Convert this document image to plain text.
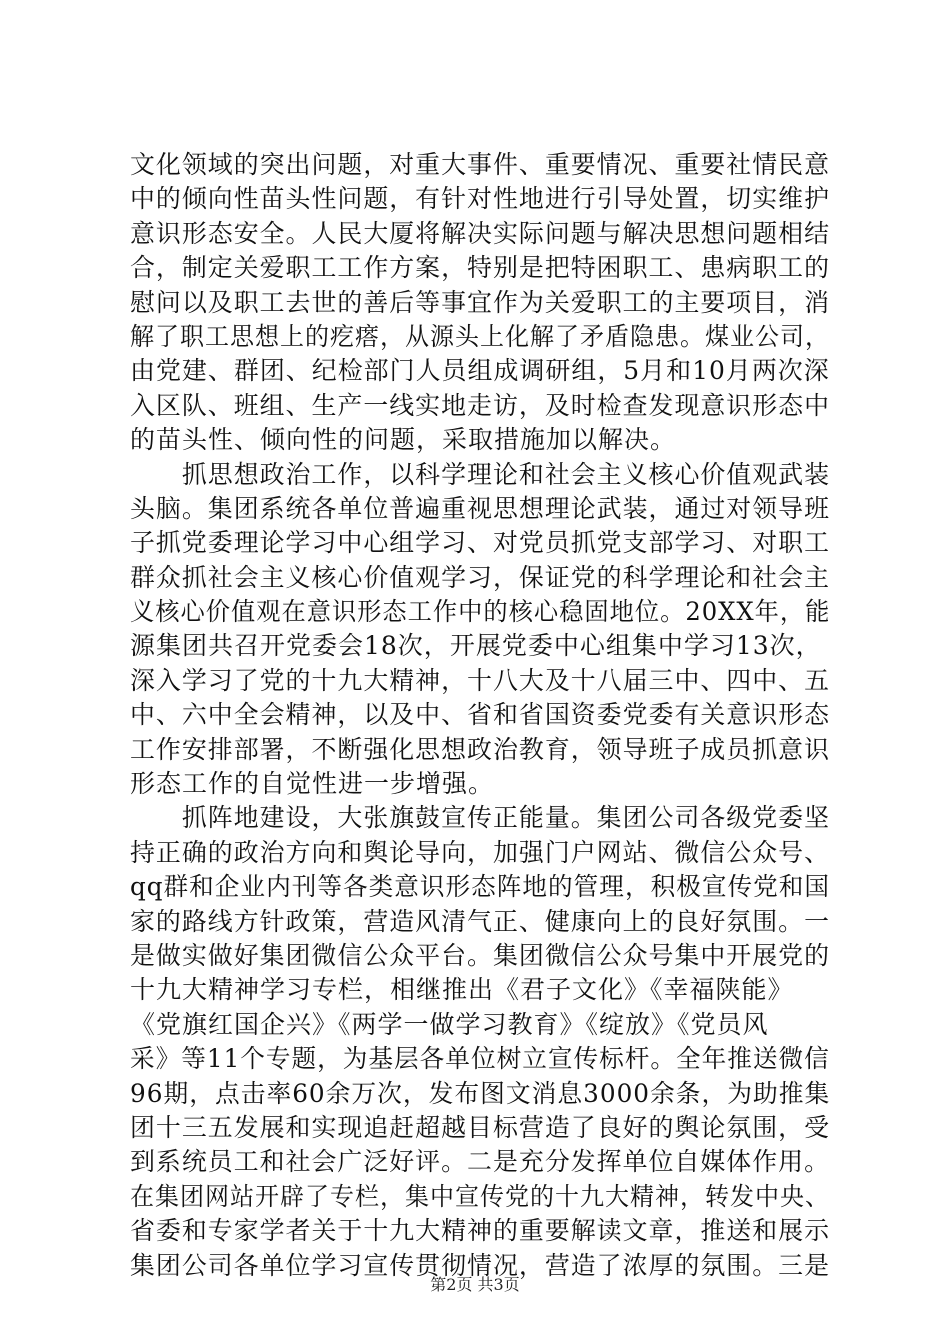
文化领域的突出问题，对重大事件、重要情况、重要社情民意
中的倾向性苗头性问题，有针对性地进行引导处置，切实维护
意识形态安全。人民大厦将解决实际问题与解决思想问题相结
合，制定关爱职工工作方案，特别是把特困职工、患病职工的
慰问以及职工去世的善后等事宜作为关爱职工的主要项目，消
解了职工思想上的疙瘩，从源头上化解了矛盾隐患。煤业公司，
由党建、群团、纪检部门人员组成调研组，5月和10月两次深
入区队、班组、生产一线实地走访，及时检查发现意识形态中
的苗头性、倾向性的问题，采取措施加以解决。
　　抓思想政治工作，以科学理论和社会主义核心价值观武装
头脑。集团系统各单位普遍重视思想理论武装，通过对领导班
子抓党委理论学习中心组学习、对党员抓党支部学习、对职工
群众抓社会主义核心价值观学习，保证党的科学理论和社会主
义核心价值观在意识形态工作中的核心稳固地位。20XX年，能
源集团共召开党委会18次，开展党委中心组集中学习13次，
深入学习了党的十九大精神，十八大及十八届三中、四中、五
中、六中全会精神，以及中、省和省国资委党委有关意识形态
工作安排部署，不断强化思想政治教育，领导班子成员抓意识
形态工作的自觉性进一步增强。
　　抓阵地建设，大张旗鼓宣传正能量。集团公司各级党委坚
持正确的政治方向和舆论导向，加强门户网站、微信公众号、
qq群和企业内刊等各类意识形态阵地的管理，积极宣传党和国
家的路线方针政策，营造风清气正、健康向上的良好氛围。一
是做实做好集团微信公众平台。集团微信公众号集中开展党的
十九大精神学习专栏，相继推出《君子文化》《幸福陕能》
《党旗红国企兴》《两学一做学习教育》《绽放》《党员风
采》等11个专题，为基层各单位树立宣传标杆。全年推送微信
96期，点击率60余万次，发布图文消息3000余条，为助推集
团十三五发展和实现追赶超越目标营造了良好的舆论氛围，受
到系统员工和社会广泛好评。二是充分发挥单位自媒体作用。
在集团网站开辟了专栏，集中宣传党的十九大精神，转发中央、
省委和专家学者关于十九大精神的重要解读文章，推送和展示
集团公司各单位学习宣传贯彻情况，营造了浓厚的氛围。三是
第2页 共3页
